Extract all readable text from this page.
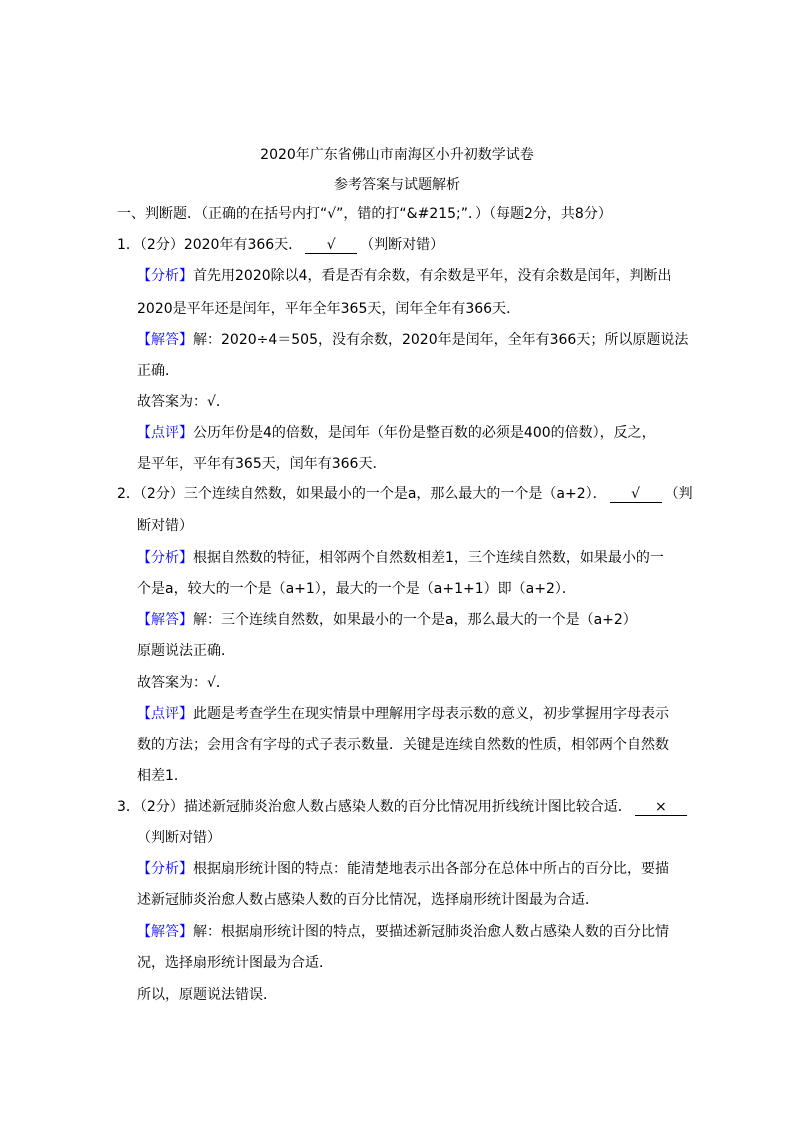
2020年广东省佛山市南海区小升初数学试卷
参考答案与试题解析
一、判断题．（正确的在括号内打“√”，错的打“&#215;”．）（每题2分，共8分）
1．（2分）2020年有366天． √ （判断对错）
【分析】首先用2020除以4，看是否有余数，有余数是平年，没有余数是闰年，判断出
2020是平年还是闰年，平年全年365天，闰年全年有366天．
【解答】解：2020÷4＝505，没有余数，2020年是闰年，全年有366天；所以原题说法
正确．
故答案为：√．
【点评】公历年份是4的倍数，是闰年（年份是整百数的必须是400的倍数），反之，
是平年，平年有365天，闰年有366天．
2．（2分）三个连续自然数，如果最小的一个是a，那么最大的一个是（a+2）． √ （判
断对错）
【分析】根据自然数的特征，相邻两个自然数相差1，三个连续自然数，如果最小的一
个是a，较大的一个是（a+1），最大的一个是（a+1+1）即（a+2）．
【解答】解：三个连续自然数，如果最小的一个是a，那么最大的一个是（a+2）
原题说法正确．
故答案为：√．
【点评】此题是考查学生在现实情景中理解用字母表示数的意义，初步掌握用字母表示
数的方法；会用含有字母的式子表示数量．关键是连续自然数的性质，相邻两个自然数
相差1．
3．（2分）描述新冠肺炎治愈人数占感染人数的百分比情况用折线统计图比较合适． ×
（判断对错）
【分析】根据扇形统计图的特点：能清楚地表示出各部分在总体中所占的百分比，要描
述新冠肺炎治愈人数占感染人数的百分比情况，选择扇形统计图最为合适．
【解答】解：根据扇形统计图的特点，要描述新冠肺炎治愈人数占感染人数的百分比情
况，选择扇形统计图最为合适．
所以，原题说法错误．
